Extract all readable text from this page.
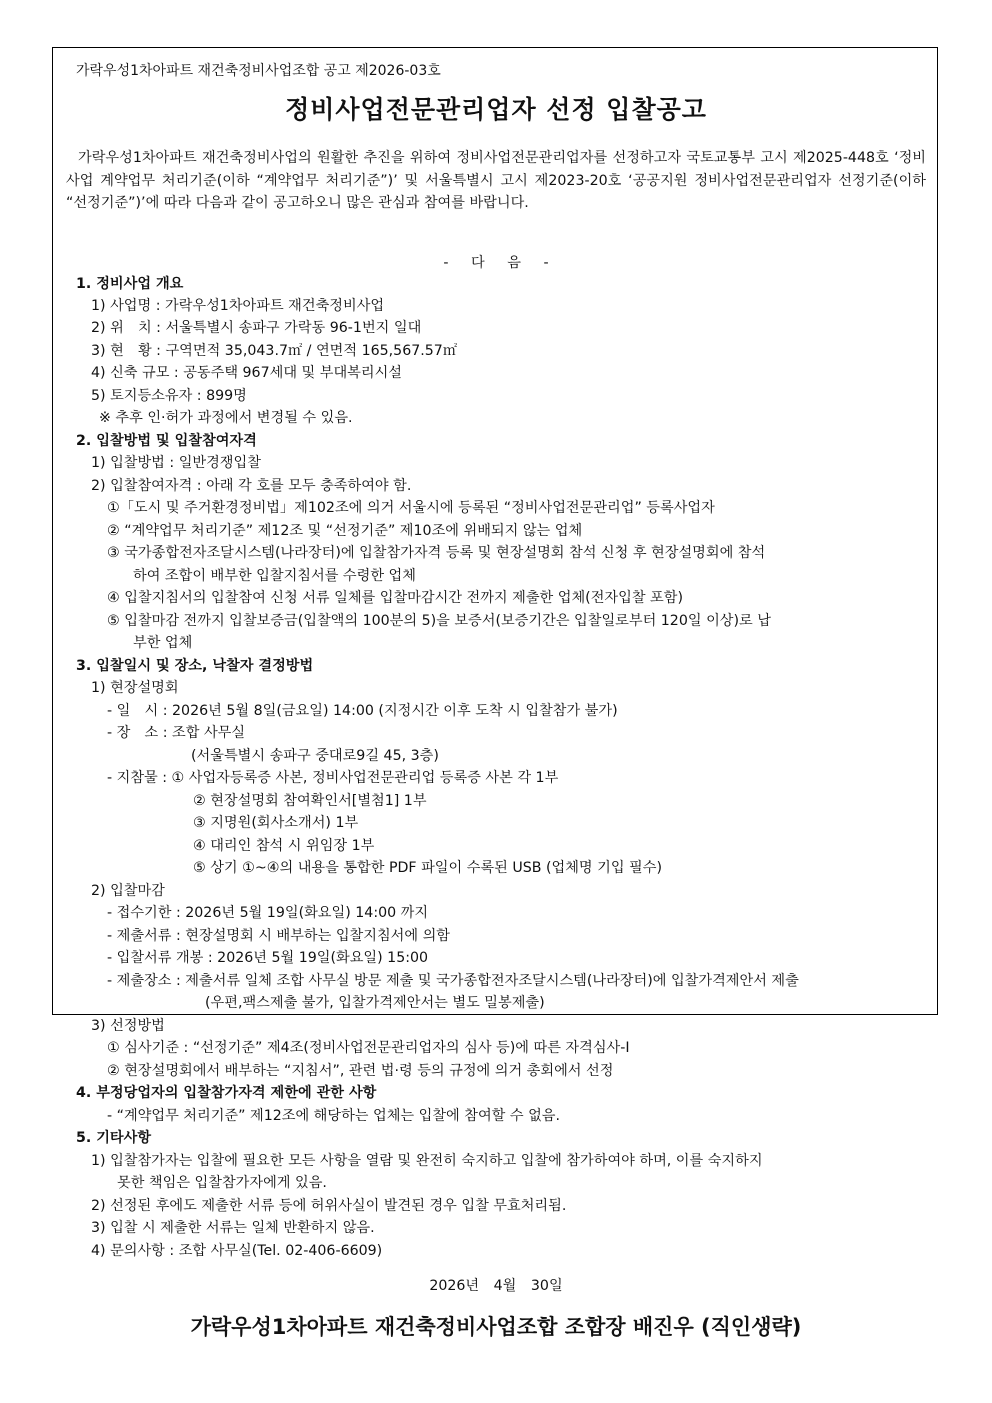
가락우성1차아파트 재건축정비사업조합 공고 제2026-03호
정비사업전문관리업자 선정 입찰공고
가락우성1차아파트 재건축정비사업의 원활한 추진을 위하여 정비사업전문관리업자를 선정하고자 국토교통부 고시 제2025-448호 ‘정비사업 계약업무 처리기준(이하 “계약업무 처리기준”)’ 및 서울특별시 고시 제2023-20호 ‘공공지원 정비사업전문관리업자 선정기준(이하 “선정기준”)’에 따라 다음과 같이 공고하오니 많은 관심과 참여를 바랍니다.
- 다 음 -
1. 정비사업 개요
1) 사업명 : 가락우성1차아파트 재건축정비사업
2) 위　치 : 서울특별시 송파구 가락동 96-1번지 일대
3) 현　황 : 구역면적 35,043.7㎡ / 연면적 165,567.57㎡
4) 신축 규모 : 공동주택 967세대 및 부대복리시설
5) 토지등소유자 : 899명
※ 추후 인·허가 과정에서 변경될 수 있음.
2. 입찰방법 및 입찰참여자격
1) 입찰방법 : 일반경쟁입찰
2) 입찰참여자격 : 아래 각 호를 모두 충족하여야 함.
①「도시 및 주거환경정비법」제102조에 의거 서울시에 등록된 “정비사업전문관리업” 등록사업자
② “계약업무 처리기준” 제12조 및 “선정기준” 제10조에 위배되지 않는 업체
③ 국가종합전자조달시스템(나라장터)에 입찰참가자격 등록 및 현장설명회 참석 신청 후 현장설명회에 참석
하여 조합이 배부한 입찰지침서를 수령한 업체
④ 입찰지침서의 입찰참여 신청 서류 일체를 입찰마감시간 전까지 제출한 업체(전자입찰 포함)
⑤ 입찰마감 전까지 입찰보증금(입찰액의 100분의 5)을 보증서(보증기간은 입찰일로부터 120일 이상)로 납
부한 업체
3. 입찰일시 및 장소, 낙찰자 결정방법
1) 현장설명회
- 일　시 : 2026년 5월 8일(금요일) 14:00 (지정시간 이후 도착 시 입찰참가 불가)
- 장　소 : 조합 사무실
(서울특별시 송파구 중대로9길 45, 3층)
- 지참물 : ① 사업자등록증 사본, 정비사업전문관리업 등록증 사본 각 1부
② 현장설명회 참여확인서[별첨1] 1부
③ 지명원(회사소개서) 1부
④ 대리인 참석 시 위임장 1부
⑤ 상기 ①~④의 내용을 통합한 PDF 파일이 수록된 USB (업체명 기입 필수)
2) 입찰마감
- 접수기한 : 2026년 5월 19일(화요일) 14:00 까지
- 제출서류 : 현장설명회 시 배부하는 입찰지침서에 의함
- 입찰서류 개봉 : 2026년 5월 19일(화요일) 15:00
- 제출장소 : 제출서류 일체 조합 사무실 방문 제출 및 국가종합전자조달시스템(나라장터)에 입찰가격제안서 제출
(우편,팩스제출 불가, 입찰가격제안서는 별도 밀봉제출)
3) 선정방법
① 심사기준 : “선정기준” 제4조(정비사업전문관리업자의 심사 등)에 따른 자격심사-Ⅰ
② 현장설명회에서 배부하는 “지침서”, 관련 법·령 등의 규정에 의거 총회에서 선정
4. 부정당업자의 입찰참가자격 제한에 관한 사항
- “계약업무 처리기준” 제12조에 해당하는 업체는 입찰에 참여할 수 없음.
5. 기타사항
1) 입찰참가자는 입찰에 필요한 모든 사항을 열람 및 완전히 숙지하고 입찰에 참가하여야 하며, 이를 숙지하지
못한 책임은 입찰참가자에게 있음.
2) 선정된 후에도 제출한 서류 등에 허위사실이 발견된 경우 입찰 무효처리됨.
3) 입찰 시 제출한 서류는 일체 반환하지 않음.
4) 문의사항 : 조합 사무실(Tel. 02-406-6609)
2026년 4월 30일
가락우성1차아파트 재건축정비사업조합 조합장 배진우 (직인생략)
